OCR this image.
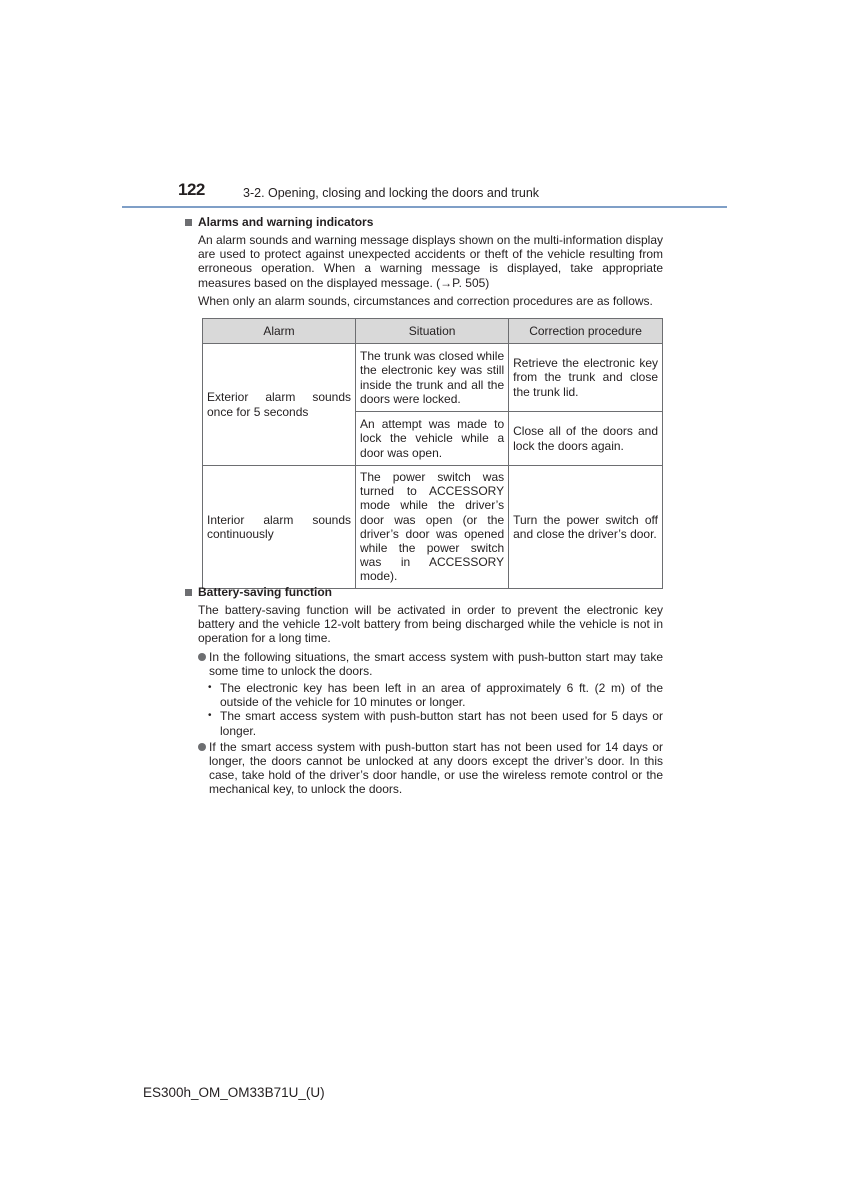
122	3-2. Opening, closing and locking the doors and trunk
Alarms and warning indicators
An alarm sounds and warning message displays shown on the multi-information display are used to protect against unexpected accidents or theft of the vehicle resulting from erroneous operation. When a warning message is displayed, take appropriate measures based on the displayed message. (→P. 505)
When only an alarm sounds, circumstances and correction procedures are as follows.
Alarm	Situation	Correction procedure
Exterior alarm sounds once for 5 seconds	The trunk was closed while the electronic key was still inside the trunk and all the doors were locked.	Retrieve the electronic key from the trunk and close the trunk lid.
	An attempt was made to lock the vehicle while a door was open.	Close all of the doors and lock the doors again.
Interior alarm sounds continuously	The power switch was turned to ACCESSORY mode while the driver’s door was open (or the driver’s door was opened while the power switch was in ACCESSORY mode).	Turn the power switch off and close the driver’s door.
Battery-saving function
The battery-saving function will be activated in order to prevent the electronic key battery and the vehicle 12-volt battery from being discharged while the vehicle is not in operation for a long time.
In the following situations, the smart access system with push-button start may take some time to unlock the doors.
• The electronic key has been left in an area of approximately 6 ft. (2 m) of the outside of the vehicle for 10 minutes or longer.
• The smart access system with push-button start has not been used for 5 days or longer.
If the smart access system with push-button start has not been used for 14 days or longer, the doors cannot be unlocked at any doors except the driver’s door. In this case, take hold of the driver’s door handle, or use the wireless remote control or the mechanical key, to unlock the doors.
ES300h_OM_OM33B71U_(U)
